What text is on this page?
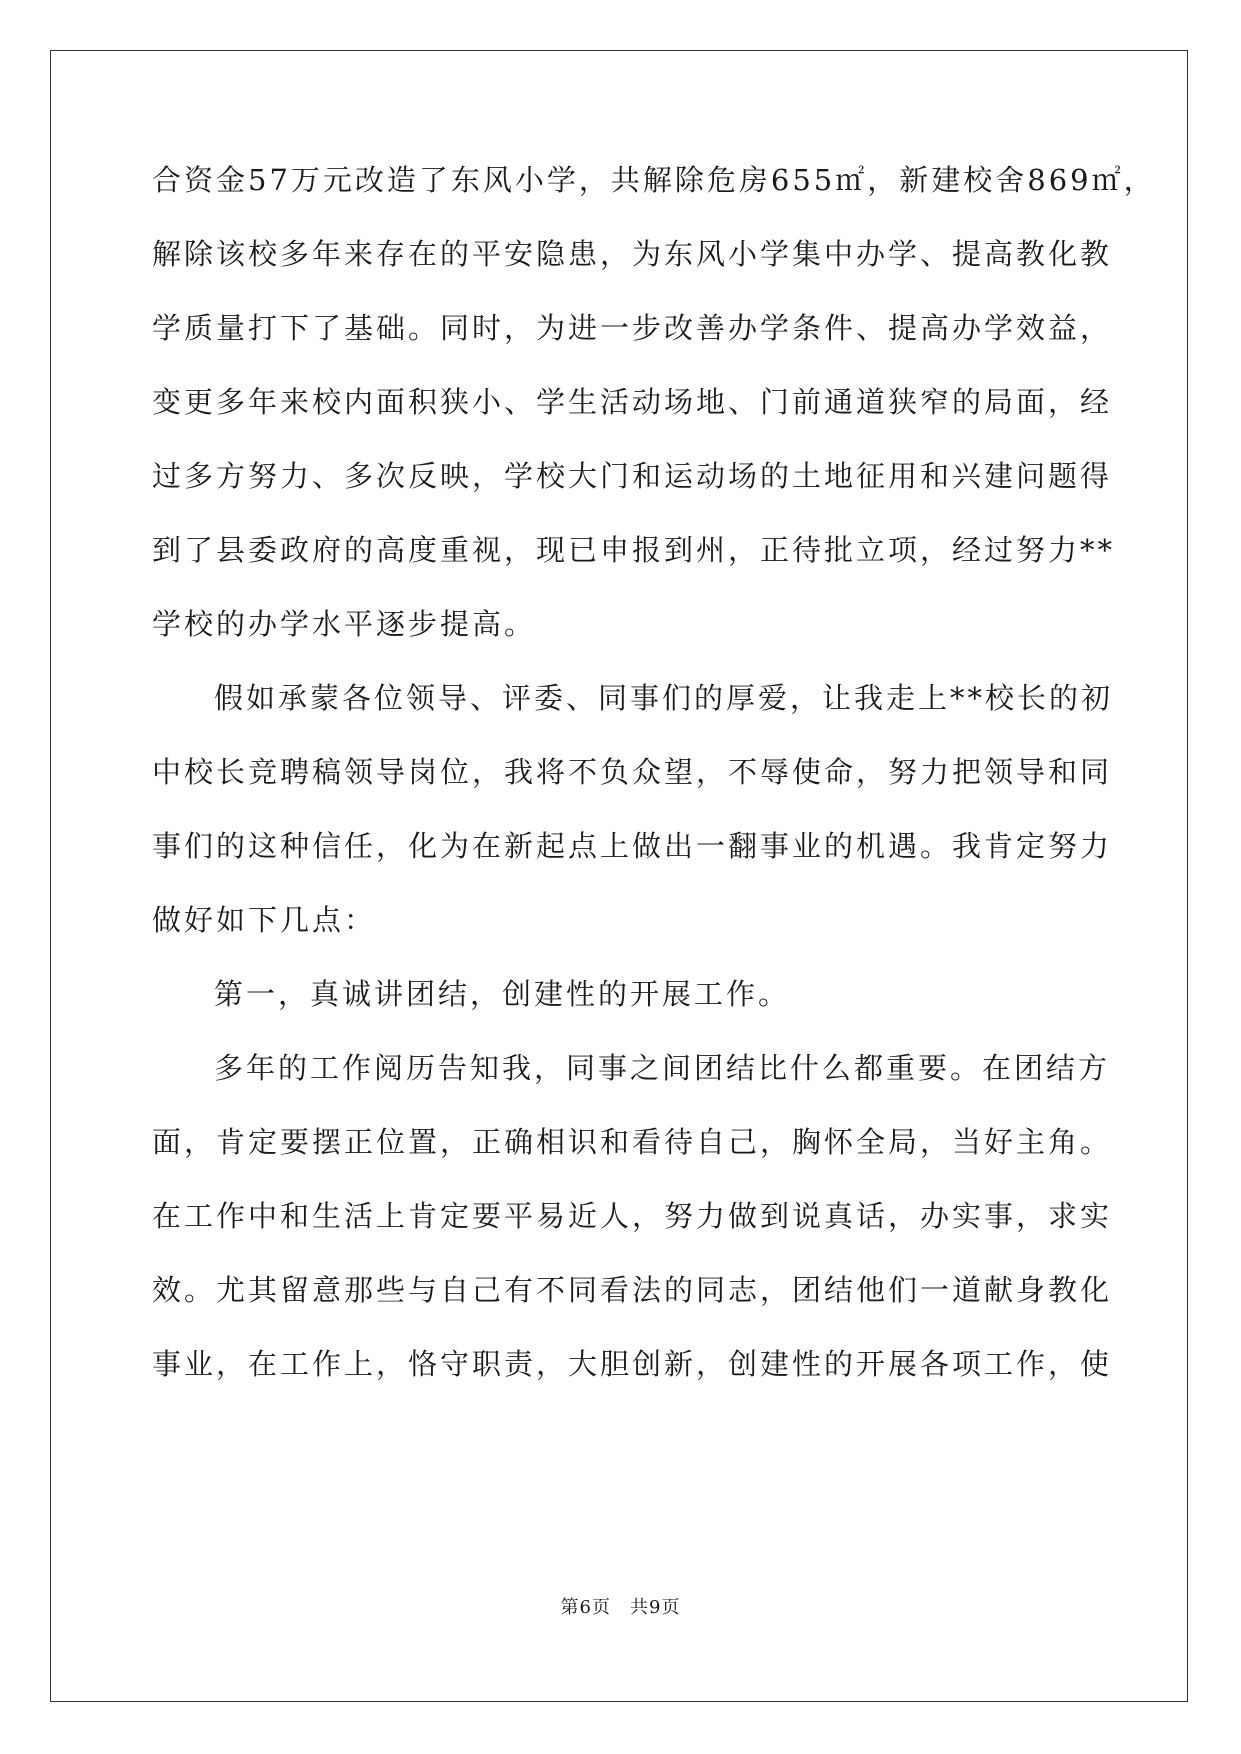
合资金57万元改造了东风小学，共解除危房655㎡，新建校舍869㎡，
解除该校多年来存在的平安隐患，为东风小学集中办学、提高教化教
学质量打下了基础。同时，为进一步改善办学条件、提高办学效益，
变更多年来校内面积狭小、学生活动场地、门前通道狭窄的局面，经
过多方努力、多次反映，学校大门和运动场的土地征用和兴建问题得
到了县委政府的高度重视，现已申报到州，正待批立项，经过努力**
学校的办学水平逐步提高。
假如承蒙各位领导、评委、同事们的厚爱，让我走上**校长的初
中校长竞聘稿领导岗位，我将不负众望，不辱使命，努力把领导和同
事们的这种信任，化为在新起点上做出一翻事业的机遇。我肯定努力
做好如下几点：
第一，真诚讲团结，创建性的开展工作。
多年的工作阅历告知我，同事之间团结比什么都重要。在团结方
面，肯定要摆正位置，正确相识和看待自己，胸怀全局，当好主角。
在工作中和生活上肯定要平易近人，努力做到说真话，办实事，求实
效。尤其留意那些与自己有不同看法的同志，团结他们一道献身教化
事业，在工作上，恪守职责，大胆创新，创建性的开展各项工作，使
第6页　共9页
